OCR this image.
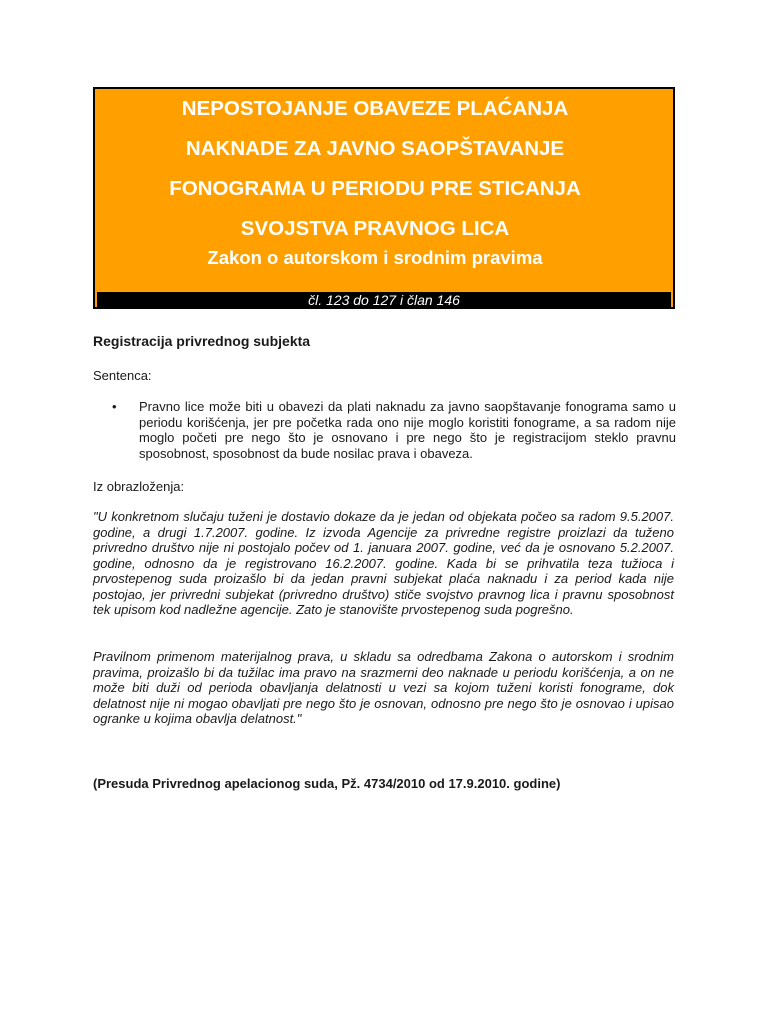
NEPOSTOJANJE OBAVEZE PLAĆANJA
NAKNADE ZA JAVNO SAOPŠTAVANJE
FONOGRAMA U PERIODU PRE STICANJA
SVOJSTVA PRAVNOG LICA

Zakon o autorskom i srodnim pravima

čl. 123 do 127 i član 146
Registracija privrednog subjekta

Sentenca:

• Pravno lice može biti u obavezi da plati naknadu za javno saopštavanje fonograma samo u periodu korišćenja, jer pre početka rada ono nije moglo koristiti fonograme, a sa radom nije moglo početi pre nego što je osnovano i pre nego što je registracijom steklo pravnu sposobnost, sposobnost da bude nosilac prava i obaveza.

Iz obrazloženja:

"U konkretnom slučaju tuženi je dostavio dokaze da je jedan od objekata počeo sa radom 9.5.2007. godine, a drugi 1.7.2007. godine. Iz izvoda Agencije za privredne registre proizlazi da tuženo privredno društvo nije ni postojalo počev od 1. januara 2007. godine, već da je osnovano 5.2.2007. godine, odnosno da je registrovano 16.2.2007. godine. Kada bi se prihvatila teza tužioca i prvostepenog suda proizašlo bi da jedan pravni subjekat plaća naknadu i za period kada nije postojao, jer privredni subjekat (privredno društvo) stiče svojstvo pravnog lica i pravnu sposobnost tek upisom kod nadležne agencije. Zato je stanovište prvostepenog suda pogrešno.

Pravilnom primenom materijalnog prava, u skladu sa odredbama Zakona o autorskom i srodnim pravima, proizašlo bi da tužilac ima pravo na srazmerni deo naknade u periodu korišćenja, a on ne može biti duži od perioda obavljanja delatnosti u vezi sa kojom tuženi koristi fonograme, dok delatnost nije ni mogao obavljati pre nego što je osnovan, odnosno pre nego što je osnovao i upisao ogranke u kojima obavlja delatnost."

(Presuda Privrednog apelacionog suda, Pž. 4734/2010 od 17.9.2010. godine)
